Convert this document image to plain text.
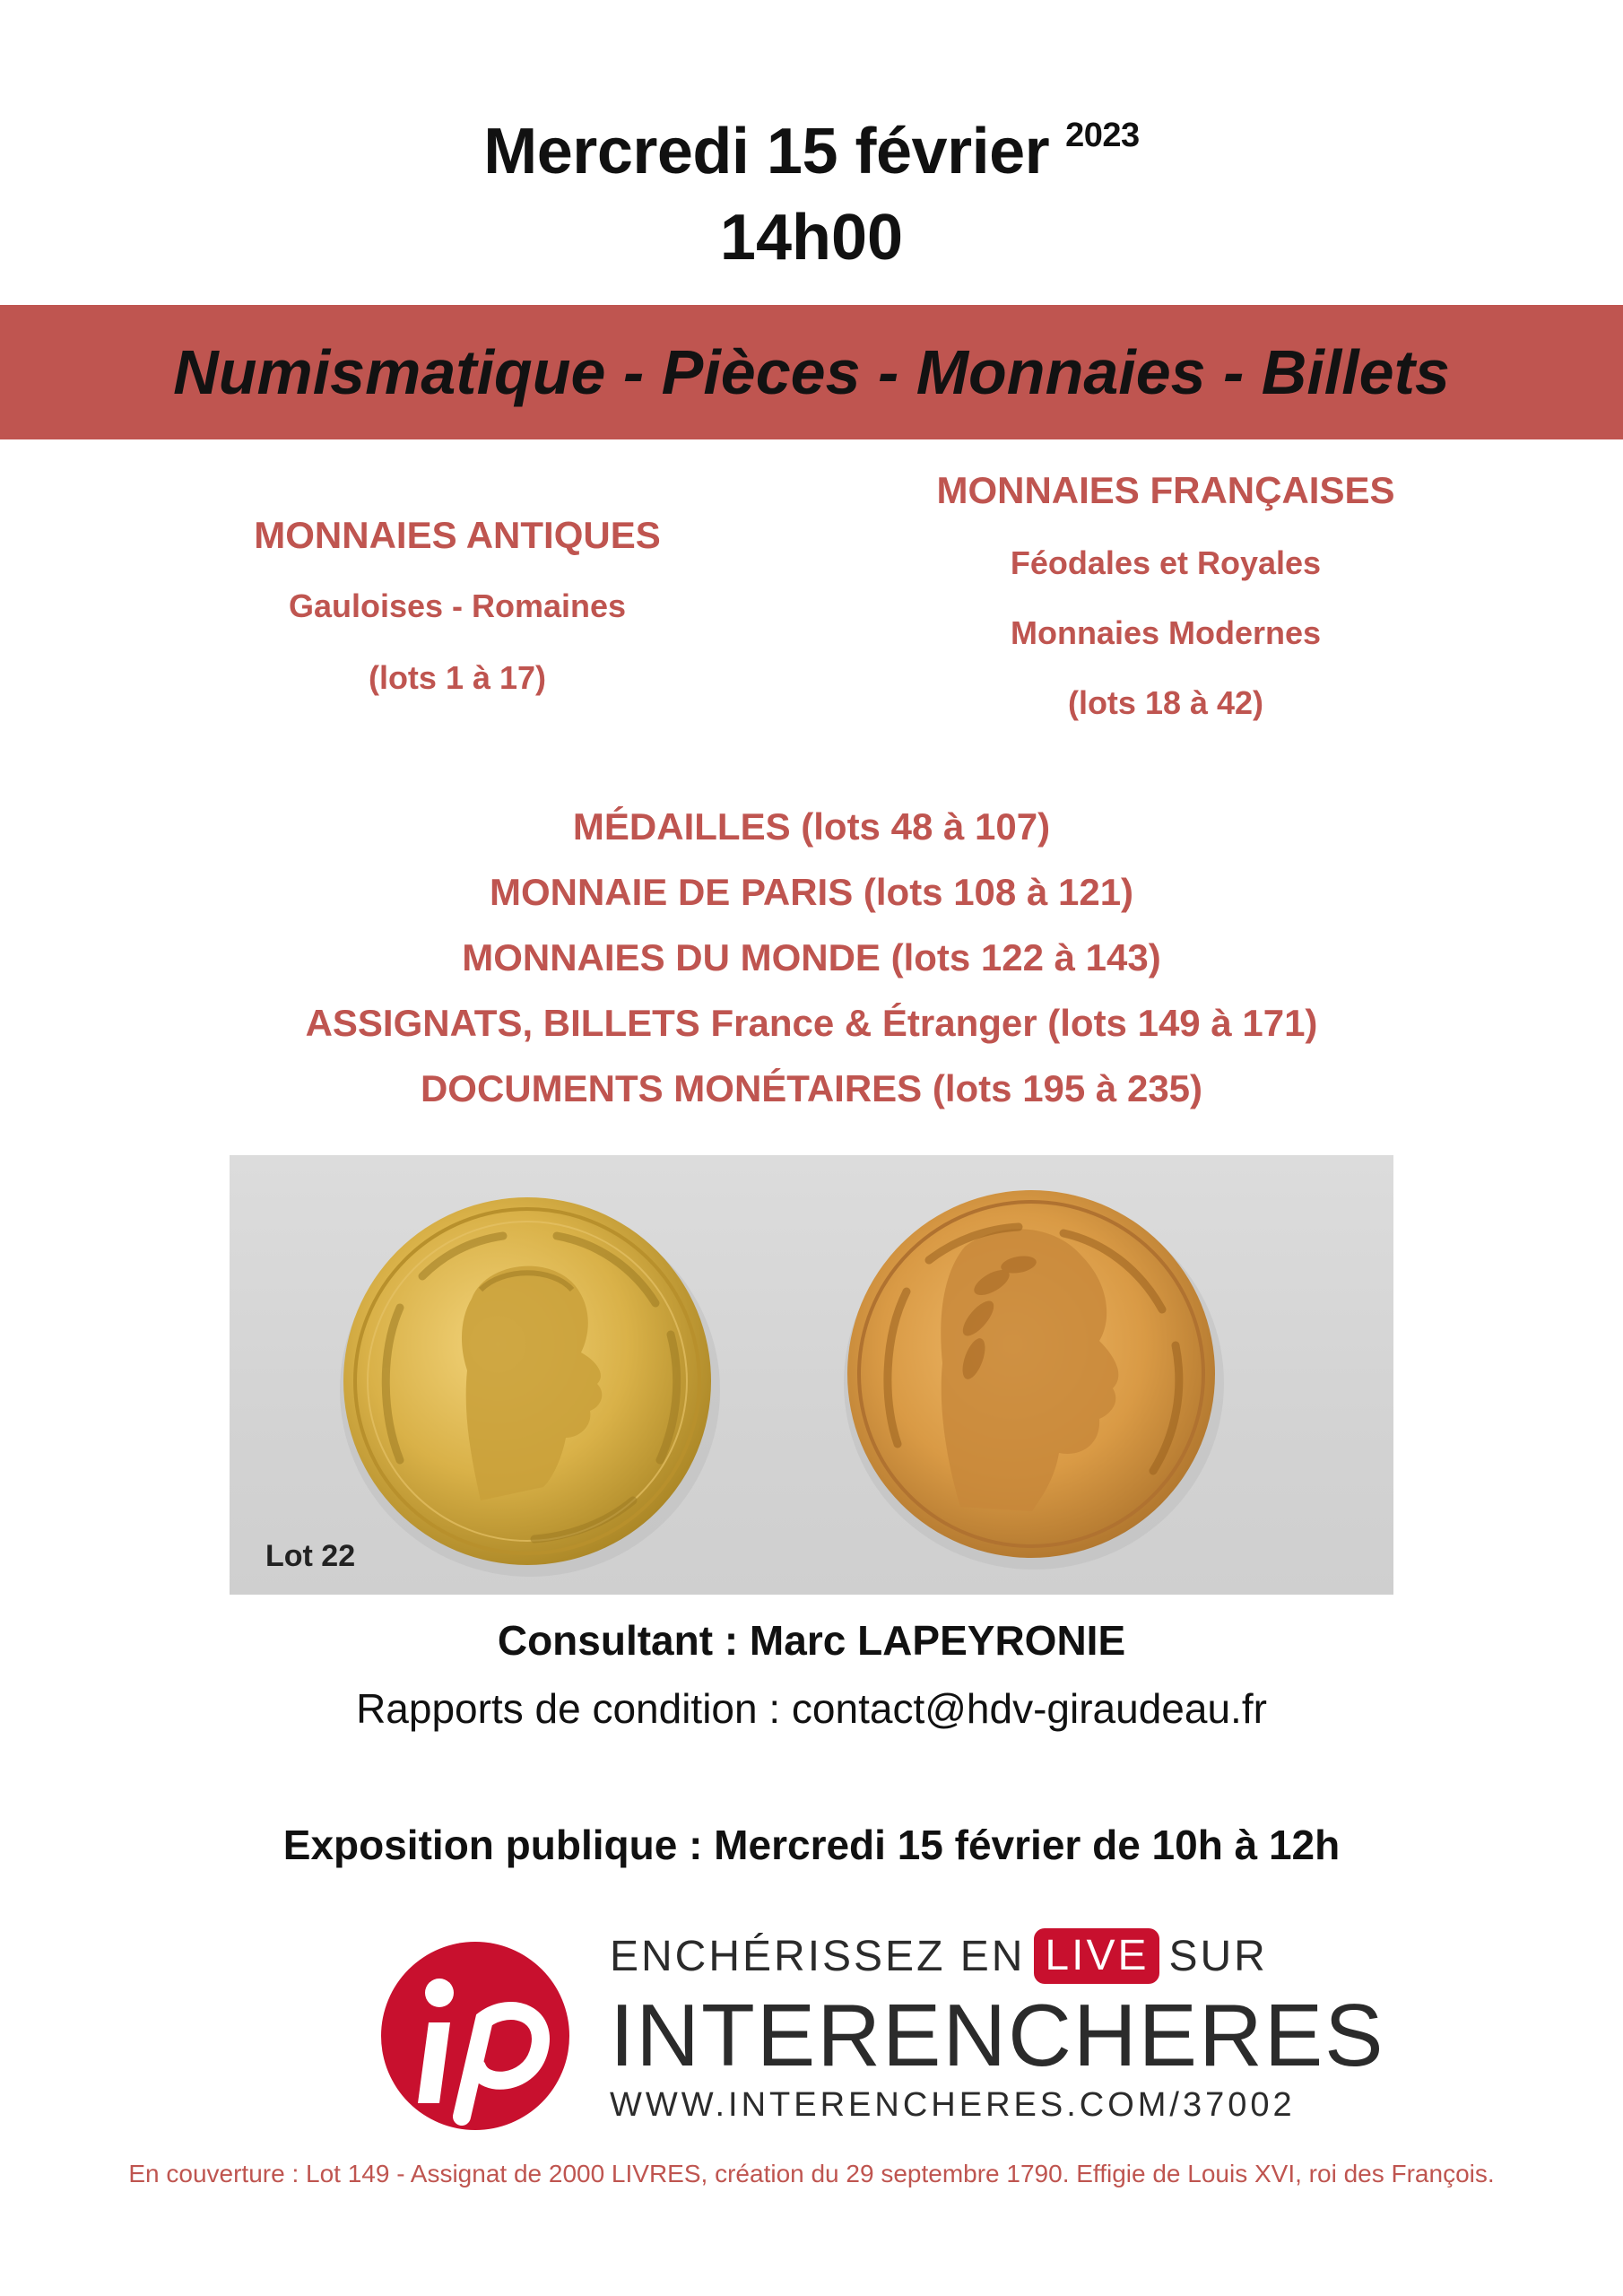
Mercredi 15 février $^{2023}$
14h00
Numismatique - Pièces - Monnaies - Billets
MONNAIES ANTIQUES
Gauloises - Romaines
(lots 1 à 17)
MONNAIES FRANÇAISES
Féodales et Royales
Monnaies Modernes
(lots 18 à 42)
MÉDAILLES (lots 48 à 107)
MONNAIE DE PARIS (lots 108 à 121)
MONNAIES DU MONDE (lots 122 à 143)
ASSIGNATS, BILLETS France & Étranger (lots 149 à 171)
DOCUMENTS MONÉTAIRES (lots 195 à 235)
Lot 22
Consultant : Marc LAPEYRONIE
Rapports de condition : contact@hdv-giraudeau.fr
Exposition publique : Mercredi 15 février de 10h à 12h
ENCHÉRISSEZ EN LIVE SUR
INTERENCHERES
WWW.INTERENCHERES.COM/37002
En couverture : Lot 149 - Assignat de 2000 LIVRES, création du 29 septembre 1790. Effigie de Louis XVI, roi des François.
